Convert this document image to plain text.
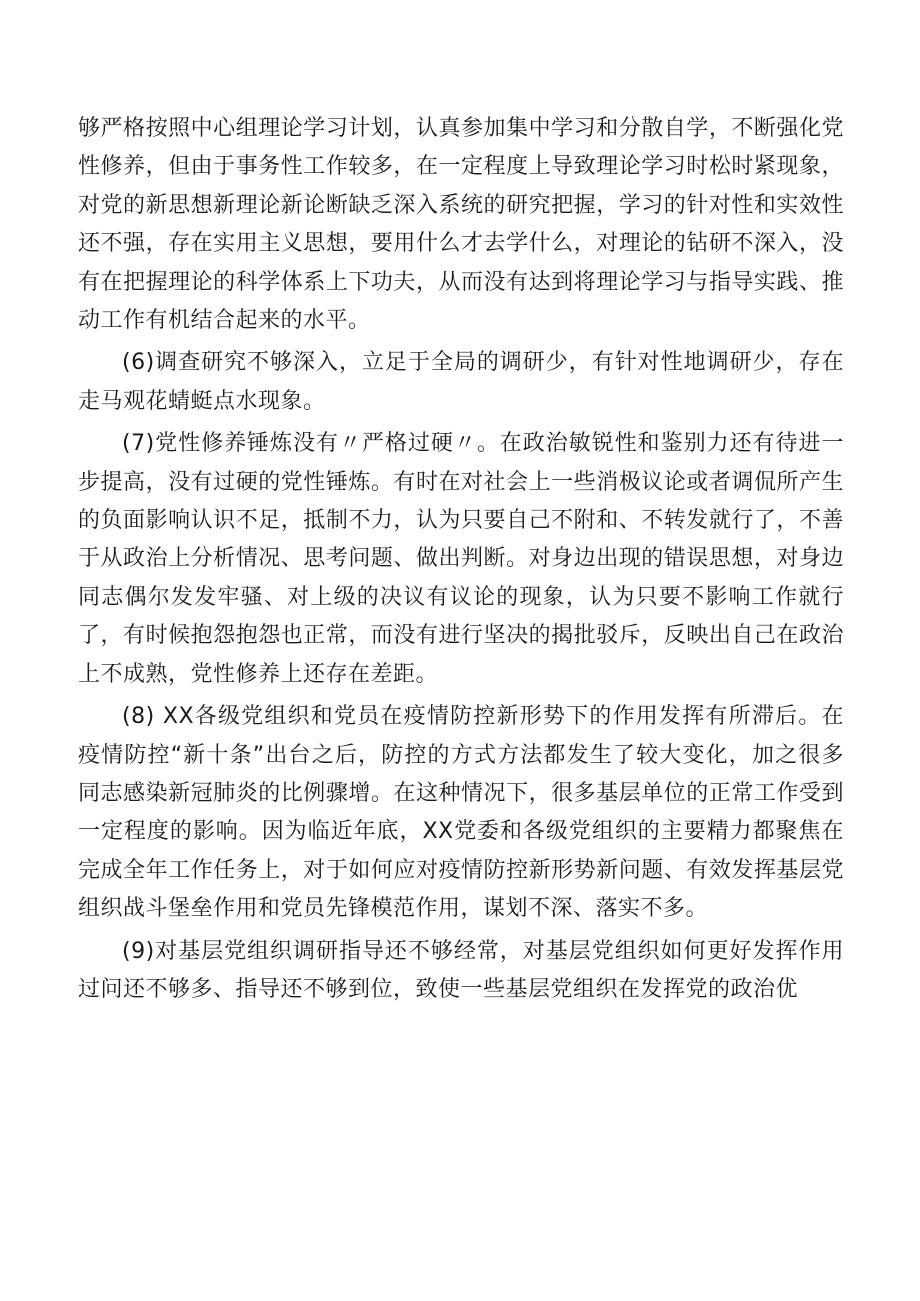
够严格按照中心组理论学习计划，认真参加集中学习和分散自学，不断强化党性修养，但由于事务性工作较多，在一定程度上导致理论学习时松时紧现象，对党的新思想新理论新论断缺乏深入系统的研究把握，学习的针对性和实效性还不强，存在实用主义思想，要用什么才去学什么，对理论的钻研不深入，没有在把握理论的科学体系上下功夫，从而没有达到将理论学习与指导实践、推动工作有机结合起来的水平。

(6)调查研究不够深入，立足于全局的调研少，有针对性地调研少，存在走马观花蜻蜓点水现象。

(7)党性修养锤炼没有〃严格过硬〃。在政治敏锐性和鉴别力还有待进一步提高，没有过硬的党性锤炼。有时在对社会上一些消极议论或者调侃所产生的负面影响认识不足，抵制不力，认为只要自己不附和、不转发就行了，不善于从政治上分析情况、思考问题、做出判断。对身边出现的错误思想，对身边同志偶尔发发牢骚、对上级的决议有议论的现象，认为只要不影响工作就行了，有时候抱怨抱怨也正常，而没有进行坚决的揭批驳斥，反映出自己在政治上不成熟，党性修养上还存在差距。

(8) XX各级党组织和党员在疫情防控新形势下的作用发挥有所滞后。在疫情防控“新十条”出台之后，防控的方式方法都发生了较大变化，加之很多同志感染新冠肺炎的比例骤增。在这种情况下，很多基层单位的正常工作受到一定程度的影响。因为临近年底，XX党委和各级党组织的主要精力都聚焦在完成全年工作任务上，对于如何应对疫情防控新形势新问题、有效发挥基层党组织战斗堡垒作用和党员先锋模范作用，谋划不深、落实不多。

(9)对基层党组织调研指导还不够经常，对基层党组织如何更好发挥作用过问还不够多、指导还不够到位，致使一些基层党组织在发挥党的政治优
